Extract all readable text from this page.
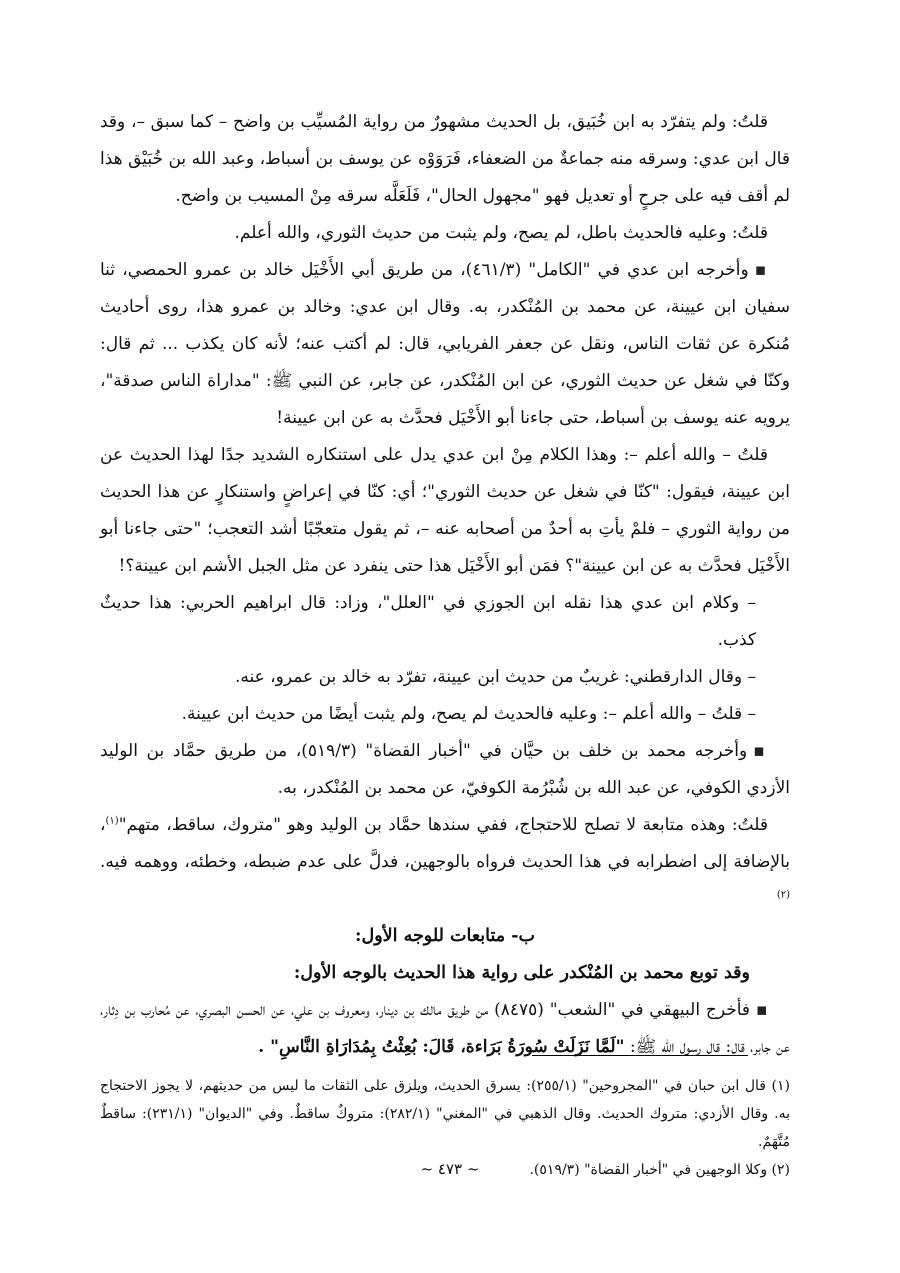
قلتُ: ولم يتفرّد به ابن خُبَيق، بل الحديث مشهورٌ من رواية المُسيِّب بن واضح – كما سبق –، وقد قال ابن عدي: وسرقه منه جماعةٌ من الضعفاء، فَرَوَوْه عن يوسف بن أسباط، وعبد الله بن خُبَيْق هذا لم أقف فيه على جرحٍ أو تعديل فهو "مجهول الحال"، فَلَعَلَّه سرقه مِنْ المسيب بن واضح.

قلتُ: وعليه فالحديث باطل، لم يصح، ولم يثبت من حديث الثوري، والله أعلم.

▪وأخرجه ابن عدي في "الكامل" (٤٦١/٣)، من طريق أبي الأَخْيَل خالد بن عمرو الحمصي، ثنا سفيان ابن عيينة، عن محمد بن المُنْكدر، به. وقال ابن عدي: وخالد بن عمرو هذا، روى أحاديث مُنكرة عن ثقات الناس، ونقل عن جعفر الفريابي، قال: لم أكتب عنه؛ لأنه كان يكذب ... ثم قال: وكنّا في شغل عن حديث الثوري، عن ابن المُنْكدر، عن جابر، عن النبي ﷺ: "مداراة الناس صدقة"، يرويه عنه يوسف بن أسباط، حتى جاءنا أبو الأَخْيَل فحدَّث به عن ابن عيينة!

قلتُ – والله أعلم –: وهذا الكلام مِنْ ابن عدي يدل على استنكاره الشديد جدًا لهذا الحديث عن ابن عيينة، فيقول: "كنّا في شغل عن حديث الثوري"؛ أي: كنّا في إعراضٍ واستنكارٍ عن هذا الحديث من رواية الثوري – فلمْ يأتِ به أحدٌ من أصحابه عنه –، ثم يقول متعجّبًا أشد التعجب؛ "حتى جاءنا أبو الأَخْيَل فحدَّث به عن ابن عيينة"؟ فمَن أبو الأَخْيَل هذا حتى ينفرد عن مثل الجبل الأشم ابن عيينة؟!

– وكلام ابن عدي هذا نقله ابن الجوزي في "العلل"، وزاد: قال ابراهيم الحربي: هذا حديثٌ كذب.

– وقال الدارقطني: غريبٌ من حديث ابن عيينة، تفرّد به خالد بن عمرو، عنه.

– قلتُ – والله أعلم –: وعليه فالحديث لم يصح، ولم يثبت أيضًا من حديث ابن عيينة.

▪وأخرجه محمد بن خلف بن حيَّان في "أخبار القضاة" (٥١٩/٣)، من طريق حمَّاد بن الوليد الأزدي الكوفي، عن عبد الله بن شُبْرُمة الكوفيّ، عن محمد بن المُنْكدر، به.

قلتُ: وهذه متابعة لا تصلح للاحتجاج، ففي سندها حمَّاد بن الوليد وهو "متروك، ساقط، متهم"$^{(١)}$، بالإضافة إلى اضطرابه في هذا الحديث فرواه بالوجهين، فدلَّ على عدم ضبطه، وخطئه، ووهمه فيه.$^{(٢)}$

ب- متابعات للوجه الأول:

وقد توبع محمد بن المُنْكدر على رواية هذا الحديث بالوجه الأول:

▪فأخرج البيهقي في "الشعب" (٨٤٧٥) من طريق مالك بن دينار، ومعروف بن علي، عن الحسن البصري، عن مُحارب بن دِثار، عن جابر، قال: قال رسول الله ﷺ: "لَمَّا نَزَلَتْ سُورَةُ بَرَاءة، قَالَ: بُعِثْتُ بِمُدَارَاةِ النَّاسِ" .

(١) قال ابن حبان في "المجروحين" (٢٥٥/١): يسرق الحديث، ويلزق على الثقات ما ليس من حديثهم، لا يجوز الاحتجاج به. وقال الأزدي: متروك الحديث. وقال الذهبي في "المغني" (٢٨٢/١): متروكٌ ساقطٌ. وفي "الديوان" (٢٣١/١): ساقطٌ مُتَّهَمٌ.

(٢) وكلا الوجهين في "أخبار القضاة" (٥١٩/٣).

~ ٤٧٣ ~
